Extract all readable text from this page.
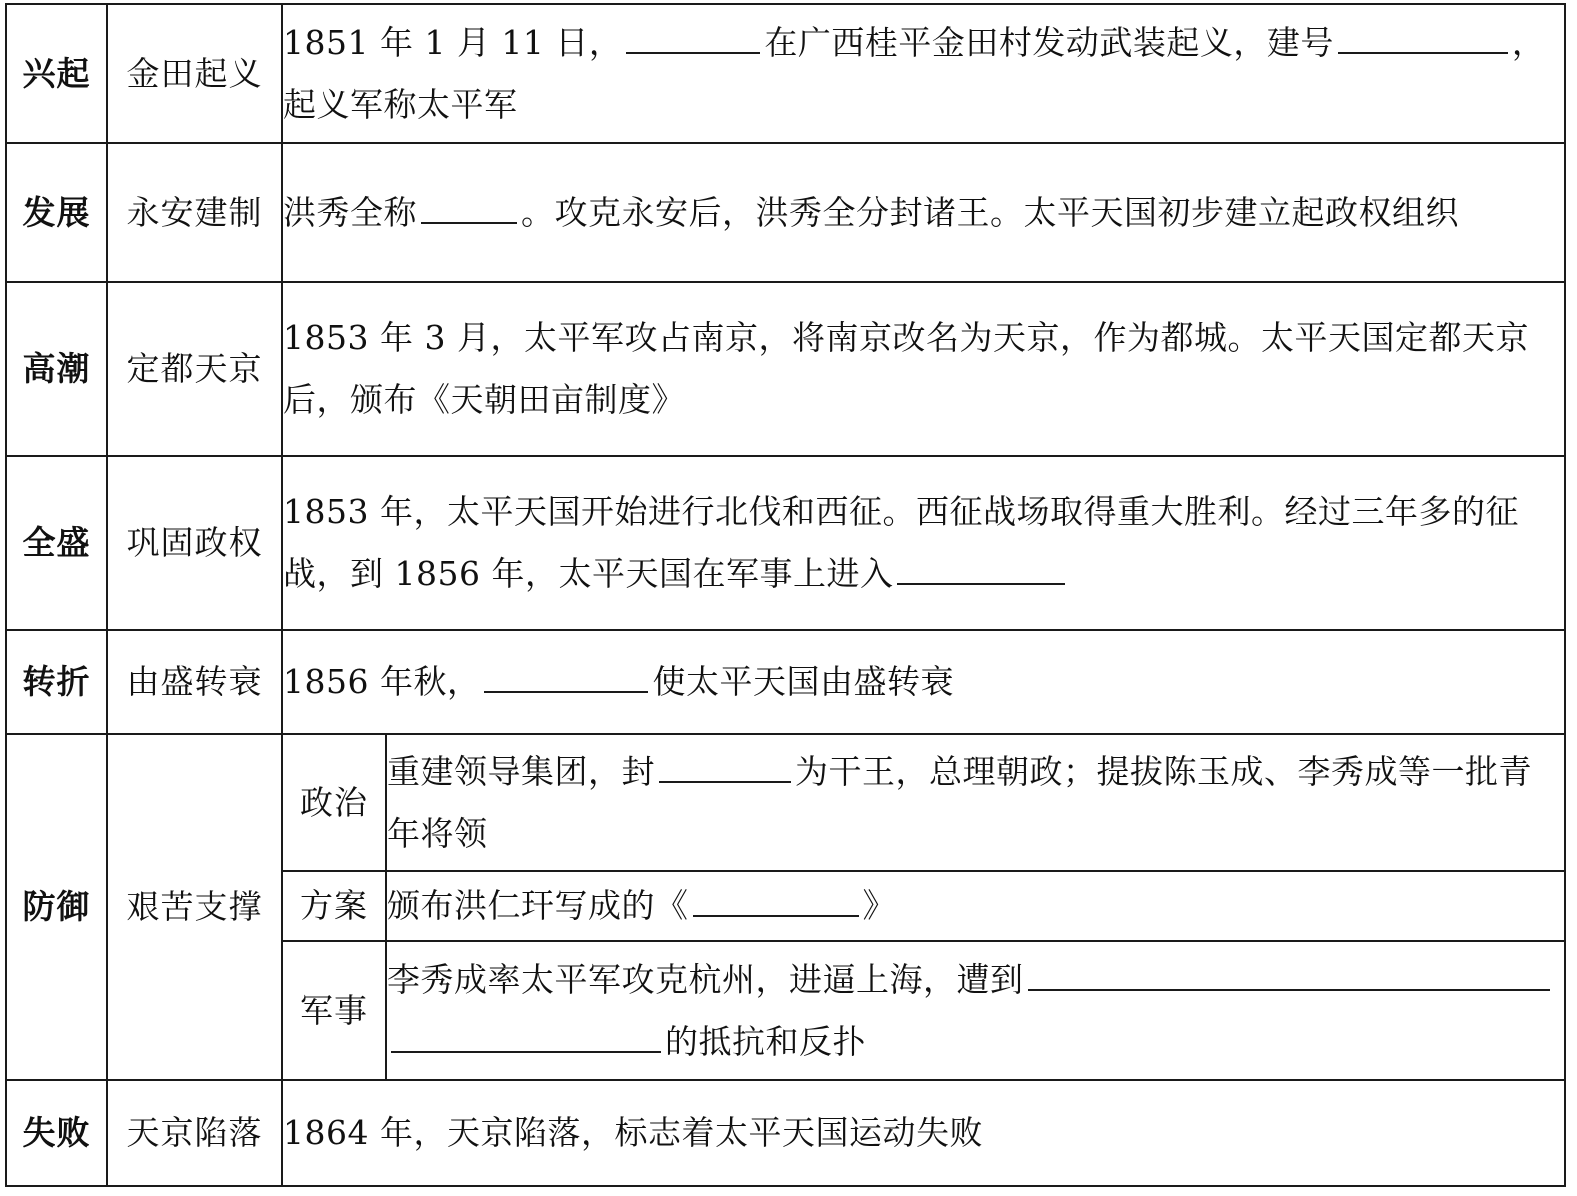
兴起	金田起义	1851 年 1 月 11 日， 在广西桂平金田村发动武装起义，建号 ，起义军称太平军	
发展	永安建制	洪秀全称 。攻克永安后，洪秀全分封诸王。太平天国初步建立起政权组织	
高潮	定都天京	1853 年 3 月，太平军攻占南京，将南京改名为天京，作为都城。太平天国定都天京后，颁布《天朝田亩制度》	
全盛	巩固政权	1853 年，太平天国开始进行北伐和西征。西征战场取得重大胜利。经过三年多的征战，到 1856 年，太平天国在军事上进入	
转折	由盛转衰	1856 年秋， 使太平天国由盛转衰	
防御	艰苦支撑	政治	重建领导集团，封 为干王，总理朝政；提拔陈玉成、李秀成等一批青年将领
		方案	颁布洪仁玕写成的《 》
		军事	李秀成率太平军攻克杭州，进逼上海，遭到的抵抗和反扑
失败	天京陷落	1864 年，天京陷落，标志着太平天国运动失败	
